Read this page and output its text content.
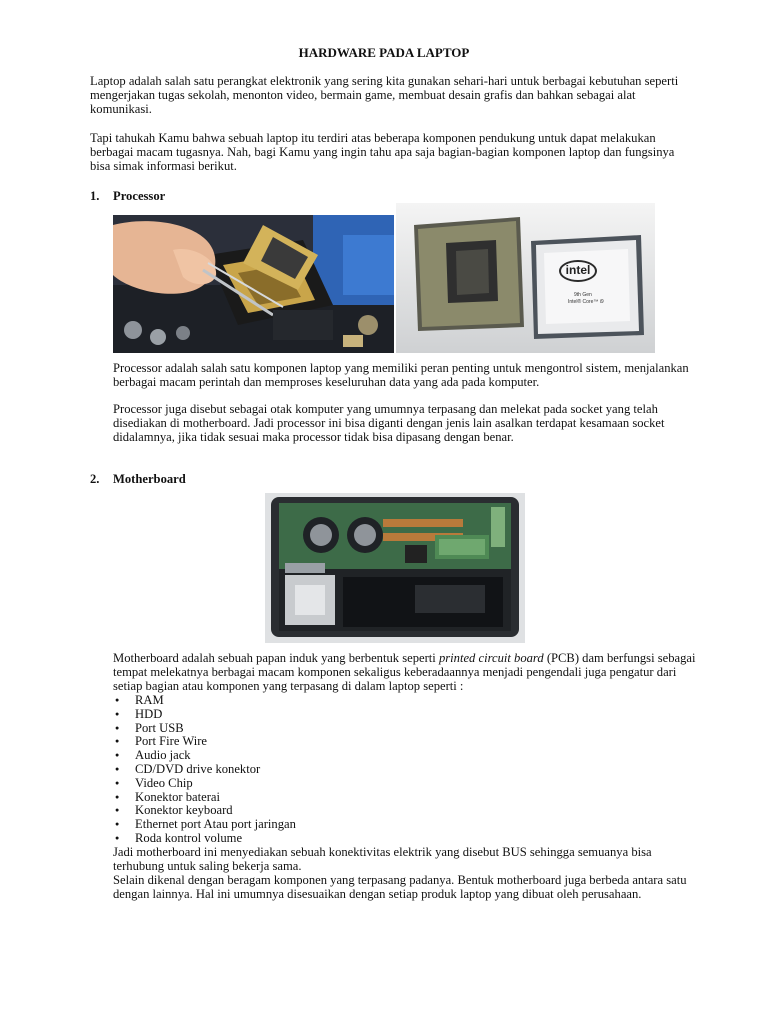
HARDWARE PADA LAPTOP
Laptop adalah salah satu perangkat elektronik yang sering kita gunakan sehari-hari untuk berbagai kebutuhan seperti mengerjakan tugas sekolah, menonton video, bermain game, membuat desain grafis dan bahkan sebagai alat komunikasi.
Tapi tahukah Kamu bahwa sebuah laptop itu terdiri atas beberapa komponen pendukung untuk dapat melakukan berbagai macam tugasnya. Nah, bagi Kamu yang ingin tahu apa saja bagian-bagian komponen laptop dan fungsinya bisa simak informasi berikut.
1. Processor
intel
9th Gen
Intel® Core™ i9
Processor adalah salah satu komponen laptop yang memiliki peran penting untuk mengontrol sistem, menjalankan berbagai macam perintah dan memproses keseluruhan data yang ada pada komputer.
Processor juga disebut sebagai otak komputer yang umumnya terpasang dan melekat pada socket yang telah disediakan di motherboard. Jadi processor ini bisa diganti dengan jenis lain asalkan terdapat kesamaan socket didalamnya, jika tidak sesuai maka processor tidak bisa dipasang dengan benar.
2. Motherboard
Motherboard adalah sebuah papan induk yang berbentuk seperti printed circuit board (PCB) dam berfungsi sebagai tempat melekatnya berbagai macam komponen sekaligus keberadaannya menjadi pengendali juga pengatur dari setiap bagian atau komponen yang terpasang di dalam laptop seperti :
● RAM
● HDD
● Port USB
● Port Fire Wire
● Audio jack
● CD/DVD drive konektor
● Video Chip
● Konektor baterai
● Konektor keyboard
● Ethernet port Atau port jaringan
● Roda kontrol volume
Jadi motherboard ini menyediakan sebuah konektivitas elektrik yang disebut BUS sehingga semuanya bisa terhubung untuk saling bekerja sama.
Selain dikenal dengan beragam komponen yang terpasang padanya. Bentuk motherboard juga berbeda antara satu dengan lainnya. Hal ini umumnya disesuaikan dengan setiap produk laptop yang dibuat oleh perusahaan.
